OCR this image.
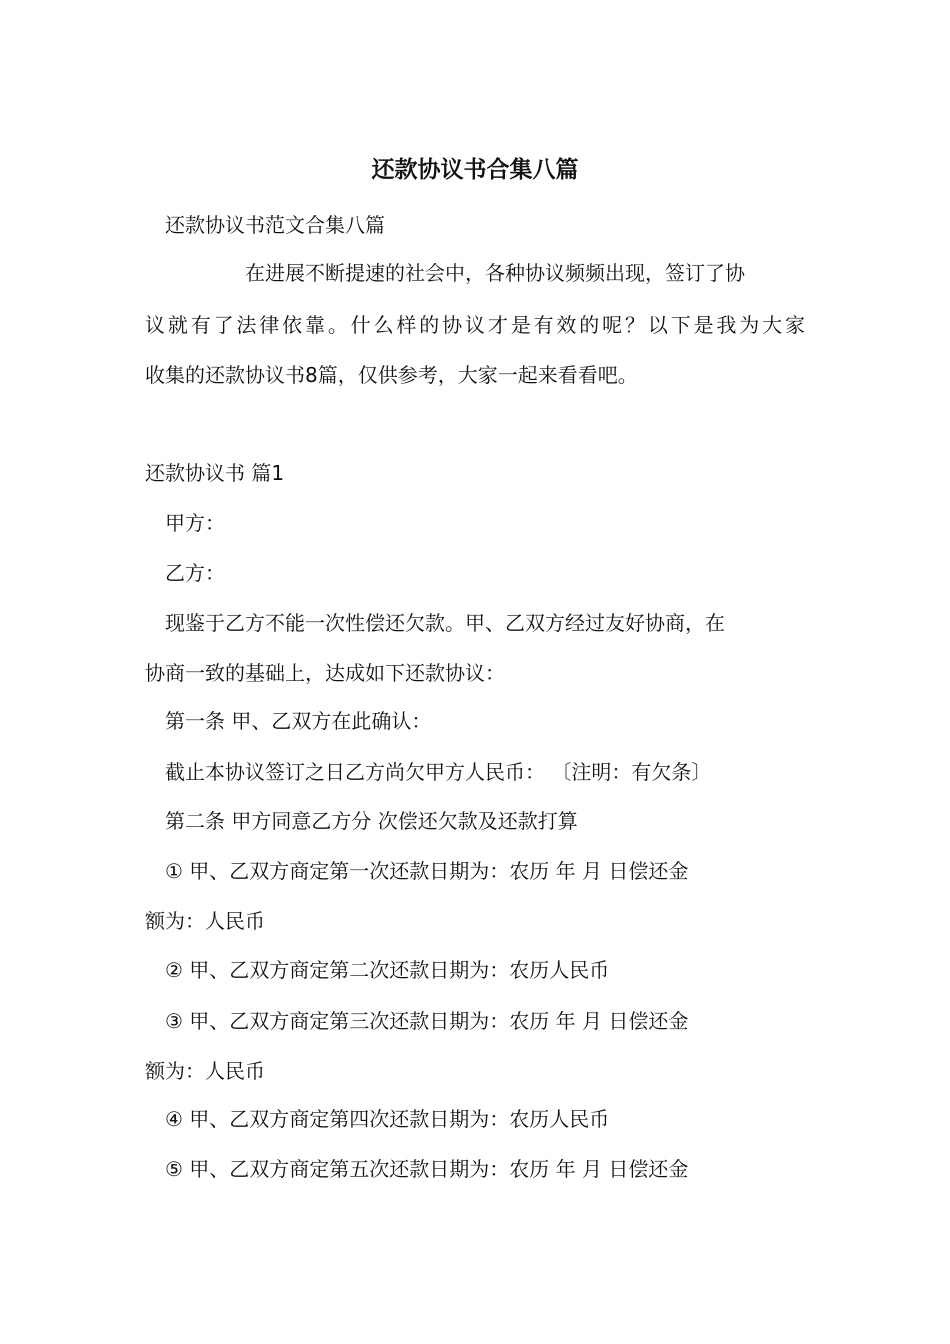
还款协议书合集八篇

还款协议书范文合集八篇

在进展不断提速的社会中，各种协议频频出现，签订了协

议就有了法律依靠。什么样的协议才是有效的呢？以下是我为大家

收集的还款协议书8篇，仅供参考，大家一起来看看吧。

还款协议书 篇1

甲方：

乙方：

现鉴于乙方不能一次性偿还欠款。甲、乙双方经过友好协商，在

协商一致的基础上，达成如下还款协议：

第一条 甲、乙双方在此确认：

截止本协议签订之日乙方尚欠甲方人民币： 〔注明：有欠条〕

第二条 甲方同意乙方分 次偿还欠款及还款打算

① 甲、乙双方商定第一次还款日期为：农历 年 月 日偿还金

额为：人民币

② 甲、乙双方商定第二次还款日期为：农历人民币

③ 甲、乙双方商定第三次还款日期为：农历 年 月 日偿还金

额为：人民币

④ 甲、乙双方商定第四次还款日期为：农历人民币

⑤ 甲、乙双方商定第五次还款日期为：农历 年 月 日偿还金
